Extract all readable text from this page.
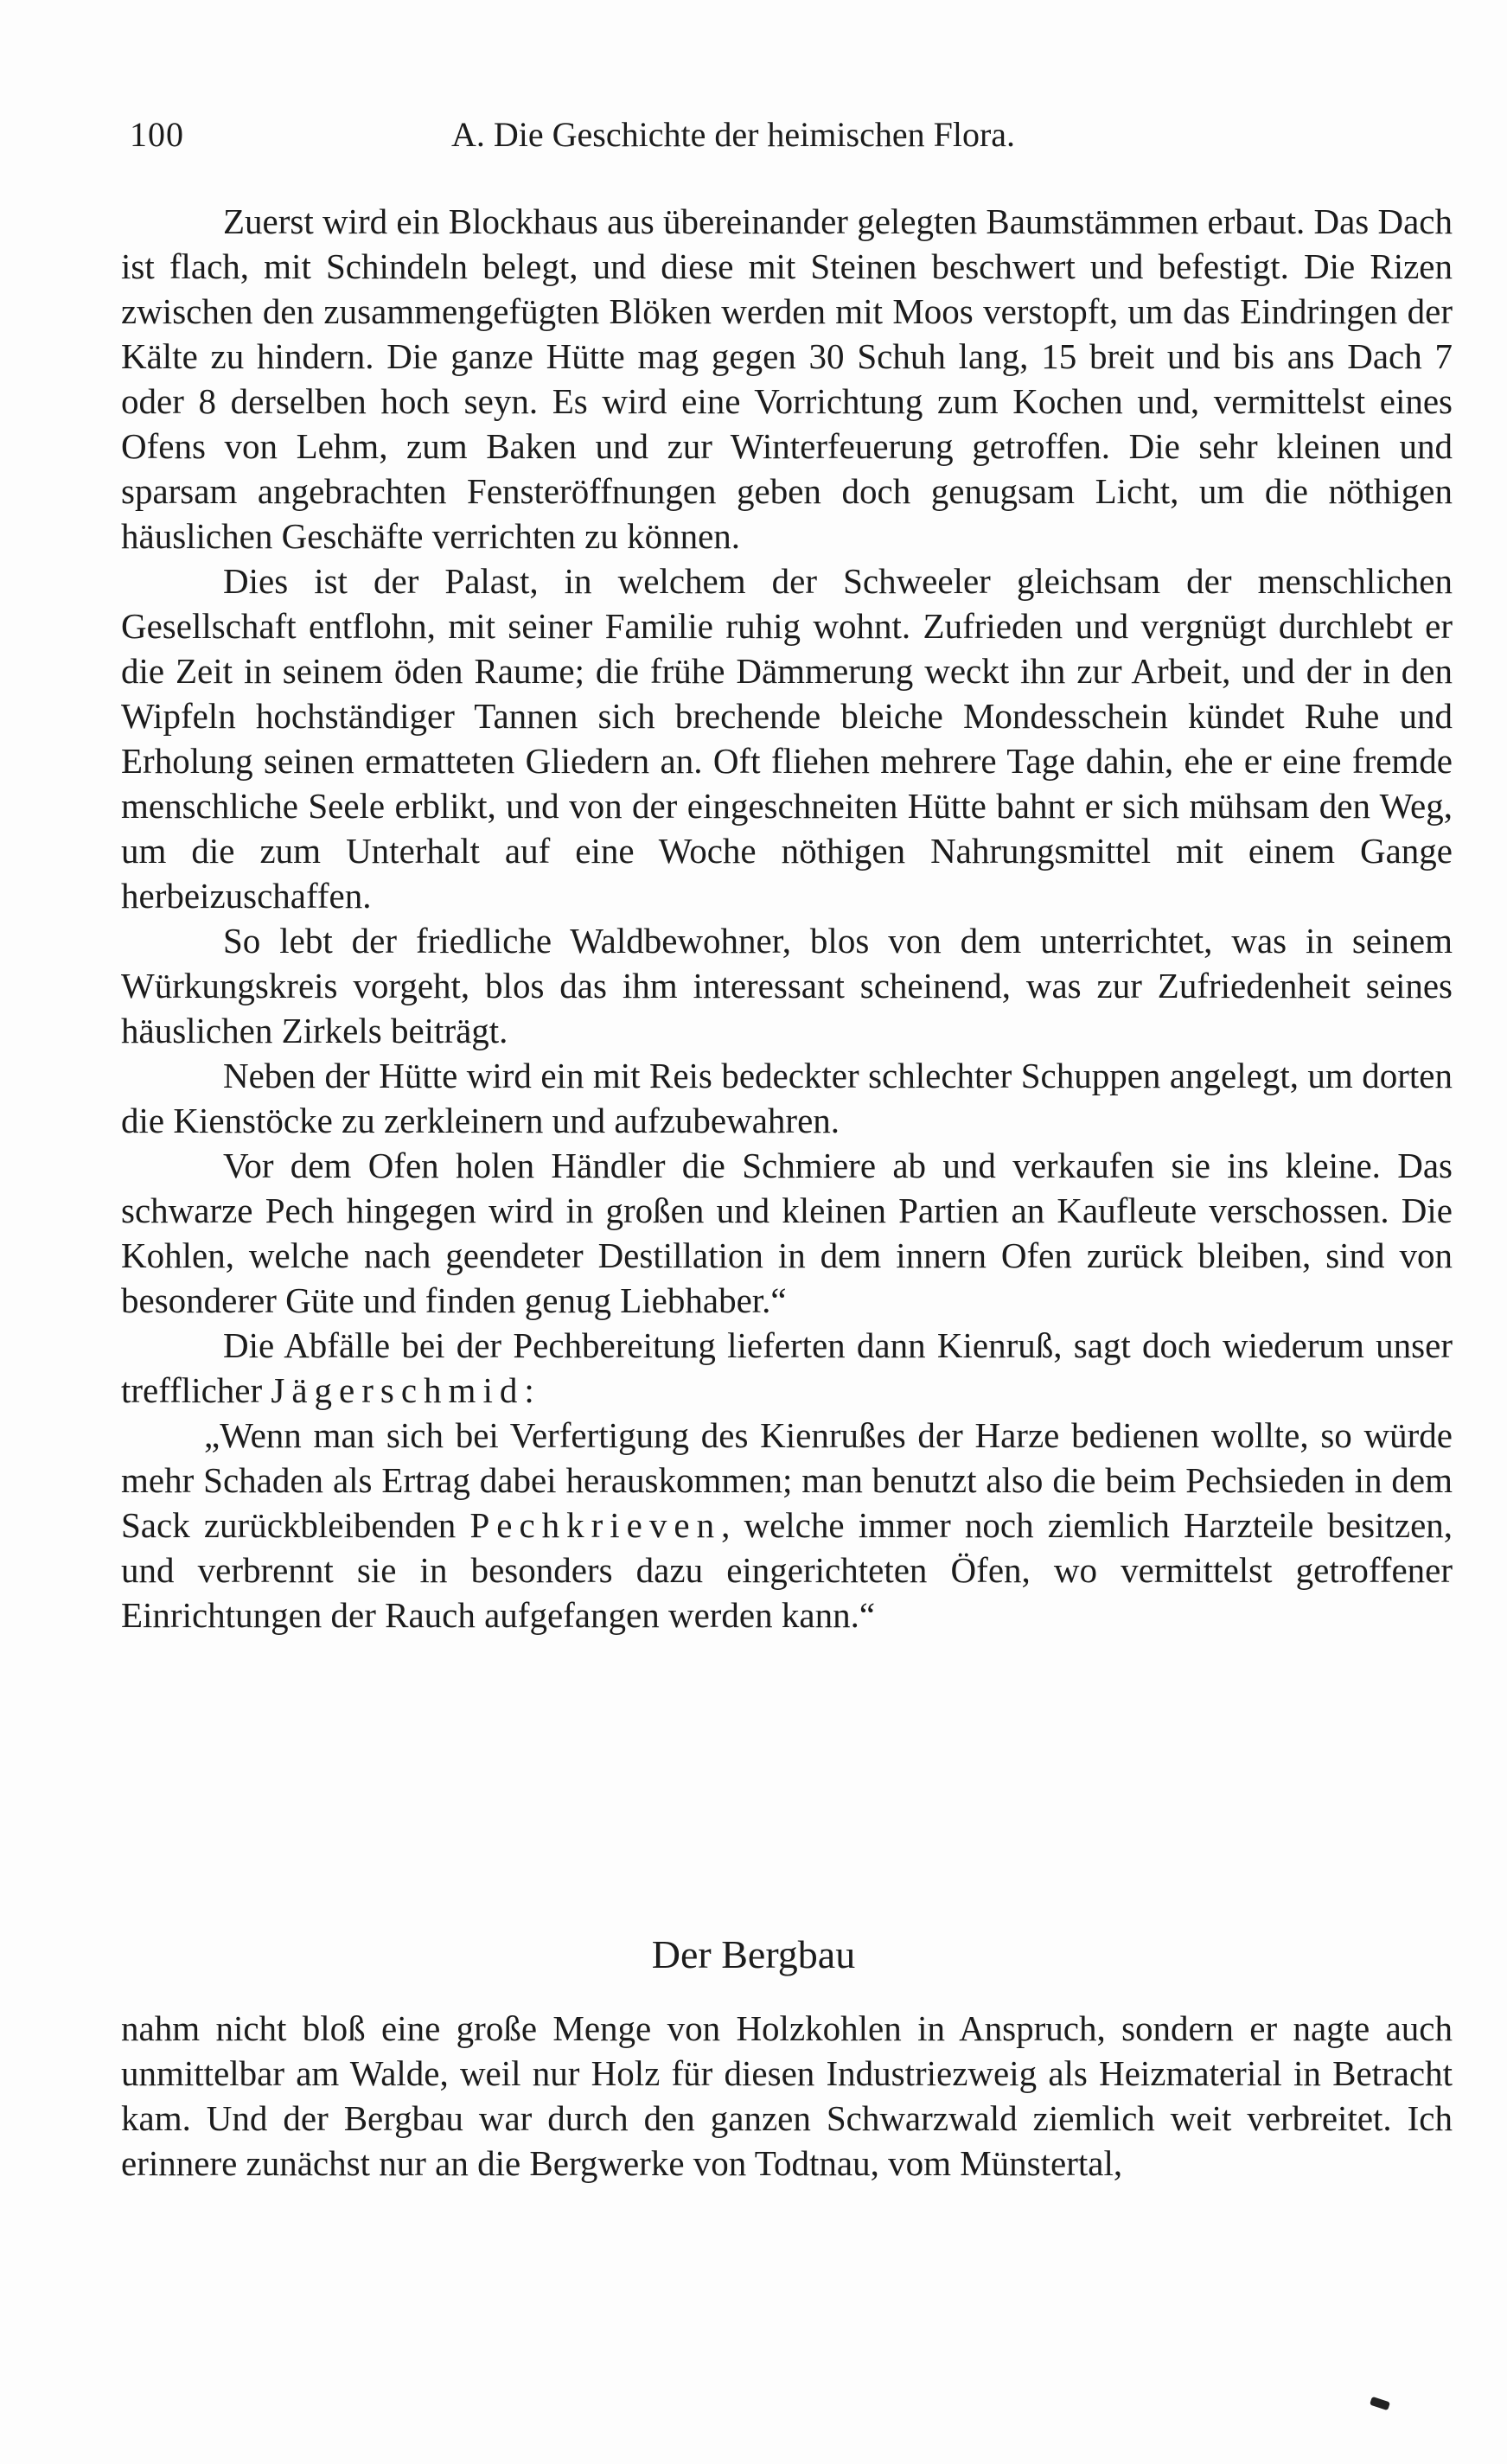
100	A. Die Geschichte der heimischen Flora.

Zuerst wird ein Blockhaus aus übereinander gelegten Baumstämmen erbaut. Das Dach ist flach, mit Schindeln belegt, und diese mit Steinen beschwert und befestigt. Die Rizen zwischen den zusammengefügten Blöken werden mit Moos verstopft, um das Eindringen der Kälte zu hindern. Die ganze Hütte mag gegen 30 Schuh lang, 15 breit und bis ans Dach 7 oder 8 derselben hoch seyn. Es wird eine Vorrichtung zum Kochen und, vermittelst eines Ofens von Lehm, zum Baken und zur Winterfeuerung getroffen. Die sehr kleinen und sparsam angebrachten Fensteröffnungen geben doch genugsam Licht, um die nöthigen häuslichen Geschäfte verrichten zu können.

Dies ist der Palast, in welchem der Schweeler gleichsam der menschlichen Gesellschaft entflohn, mit seiner Familie ruhig wohnt. Zufrieden und vergnügt durchlebt er die Zeit in seinem öden Raume; die frühe Dämmerung weckt ihn zur Arbeit, und der in den Wipfeln hochständiger Tannen sich brechende bleiche Mondesschein kündet Ruhe und Erholung seinen ermatteten Gliedern an. Oft fliehen mehrere Tage dahin, ehe er eine fremde menschliche Seele erblikt, und von der eingeschneiten Hütte bahnt er sich mühsam den Weg, um die zum Unterhalt auf eine Woche nöthigen Nahrungsmittel mit einem Gange herbeizuschaffen.

So lebt der friedliche Waldbewohner, blos von dem unterrichtet, was in seinem Würkungskreis vorgeht, blos das ihm interessant scheinend, was zur Zufriedenheit seines häuslichen Zirkels beiträgt.

Neben der Hütte wird ein mit Reis bedeckter schlechter Schuppen angelegt, um dorten die Kienstöcke zu zerkleinern und aufzubewahren.

Vor dem Ofen holen Händler die Schmiere ab und verkaufen sie ins kleine. Das schwarze Pech hingegen wird in großen und kleinen Partien an Kaufleute verschossen. Die Kohlen, welche nach geendeter Destillation in dem innern Ofen zurück bleiben, sind von besonderer Güte und finden genug Liebhaber.“

Die Abfälle bei der Pechbereitung lieferten dann Kienruß, sagt doch wiederum unser trefflicher Jägerschmid:

„Wenn man sich bei Verfertigung des Kienrußes der Harze bedienen wollte, so würde mehr Schaden als Ertrag dabei herauskommen; man benutzt also die beim Pechsieden in dem Sack zurückbleibenden Pechkrieven, welche immer noch ziemlich Harzteile besitzen, und verbrennt sie in besonders dazu eingerichteten Öfen, wo vermittelst getroffener Einrichtungen der Rauch aufgefangen werden kann.“

Der Bergbau

nahm nicht bloß eine große Menge von Holzkohlen in Anspruch, sondern er nagte auch unmittelbar am Walde, weil nur Holz für diesen Industriezweig als Heizmaterial in Betracht kam. Und der Bergbau war durch den ganzen Schwarzwald ziemlich weit verbreitet. Ich erinnere zunächst nur an die Bergwerke von Todtnau, vom Münstertal,
